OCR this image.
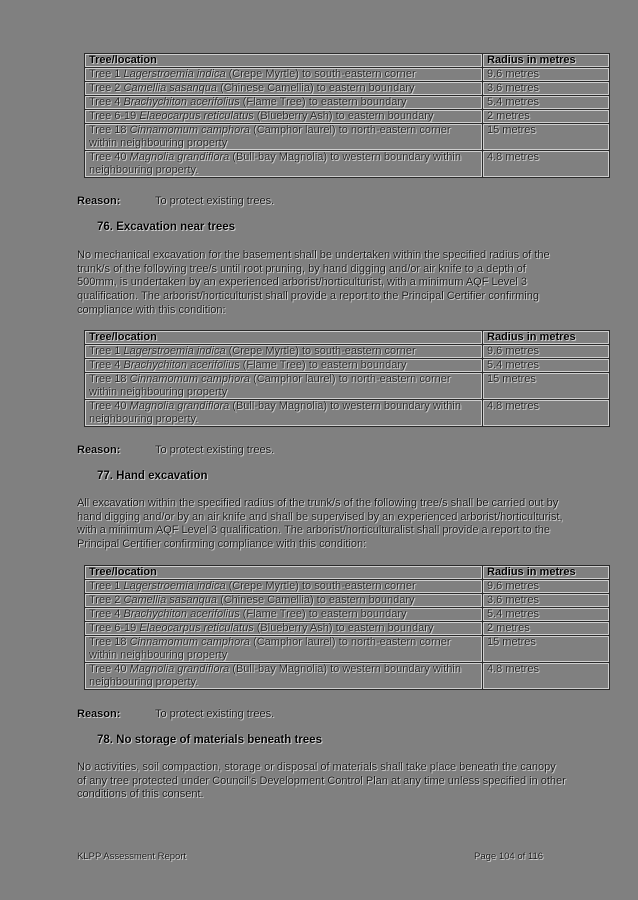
Tree/location	Radius in metres
Tree 1 Lagerstroemia indica (Crepe Myrtle) to south-eastern corner	9.6 metres
Tree 2 Camellia sasanqua (Chinese Camellia) to eastern boundary	3.6 metres
Tree 4 Brachychiton acerifolius (Flame Tree) to eastern boundary	5.4 metres
Tree 6-19 Elaeocarpus reticulatus (Blueberry Ash) to eastern boundary	2 metres
Tree 18 Cinnamomum camphora (Camphor laurel) to north-eastern corner within neighbouring property	15 metres
Tree 40 Magnolia grandiflora (Bull-bay Magnolia) to western boundary within neighbouring property.	4.8 metres
Reason:	To protect existing trees.
76. Excavation near trees
No mechanical excavation for the basement shall be undertaken within the specified radius of the trunk/s of the following tree/s until root pruning, by hand digging and/or air knife to a depth of 500mm, is undertaken by an experienced arborist/horticulturist, with a minimum AQF Level 3 qualification. The arborist/horticulturist shall provide a report to the Principal Certifier confirming compliance with this condition:
Tree/location	Radius in metres
Tree 1 Lagerstroemia indica (Crepe Myrtle) to south-eastern corner	9.6 metres
Tree 4 Brachychiton acerifolius (Flame Tree) to eastern boundary	5.4 metres
Tree 18 Cinnamomum camphora (Camphor laurel) to north-eastern corner within neighbouring property	15 metres
Tree 40 Magnolia grandiflora (Bull-bay Magnolia) to western boundary within neighbouring property.	4.8 metres
Reason:	To protect existing trees.
77. Hand excavation
All excavation within the specified radius of the trunk/s of the following tree/s shall be carried out by hand digging and/or by an air knife and shall be supervised by an experienced arborist/horticulturist, with a minimum AQF Level 3 qualification. The arborist/horticulturalist shall provide a report to the Principal Certifier confirming compliance with this condition:
Tree/location	Radius in metres
Tree 1 Lagerstroemia indica (Crepe Myrtle) to south-eastern corner	9.6 metres
Tree 2 Camellia sasanqua (Chinese Camellia) to eastern boundary	3.6 metres
Tree 4 Brachychiton acerifolius (Flame Tree) to eastern boundary	5.4 metres
Tree 6-19 Elaeocarpus reticulatus (Blueberry Ash) to eastern boundary	2 metres
Tree 18 Cinnamomum camphora (Camphor laurel) to north-eastern corner within neighbouring property	15 metres
Tree 40 Magnolia grandiflora (Bull-bay Magnolia) to western boundary within neighbouring property.	4.8 metres
Reason:	To protect existing trees.
78. No storage of materials beneath trees
No activities, soil compaction, storage or disposal of materials shall take place beneath the canopy of any tree protected under Council's Development Control Plan at any time unless specified in other conditions of this consent.
KLPP Assessment Report	Page 104 of 116
